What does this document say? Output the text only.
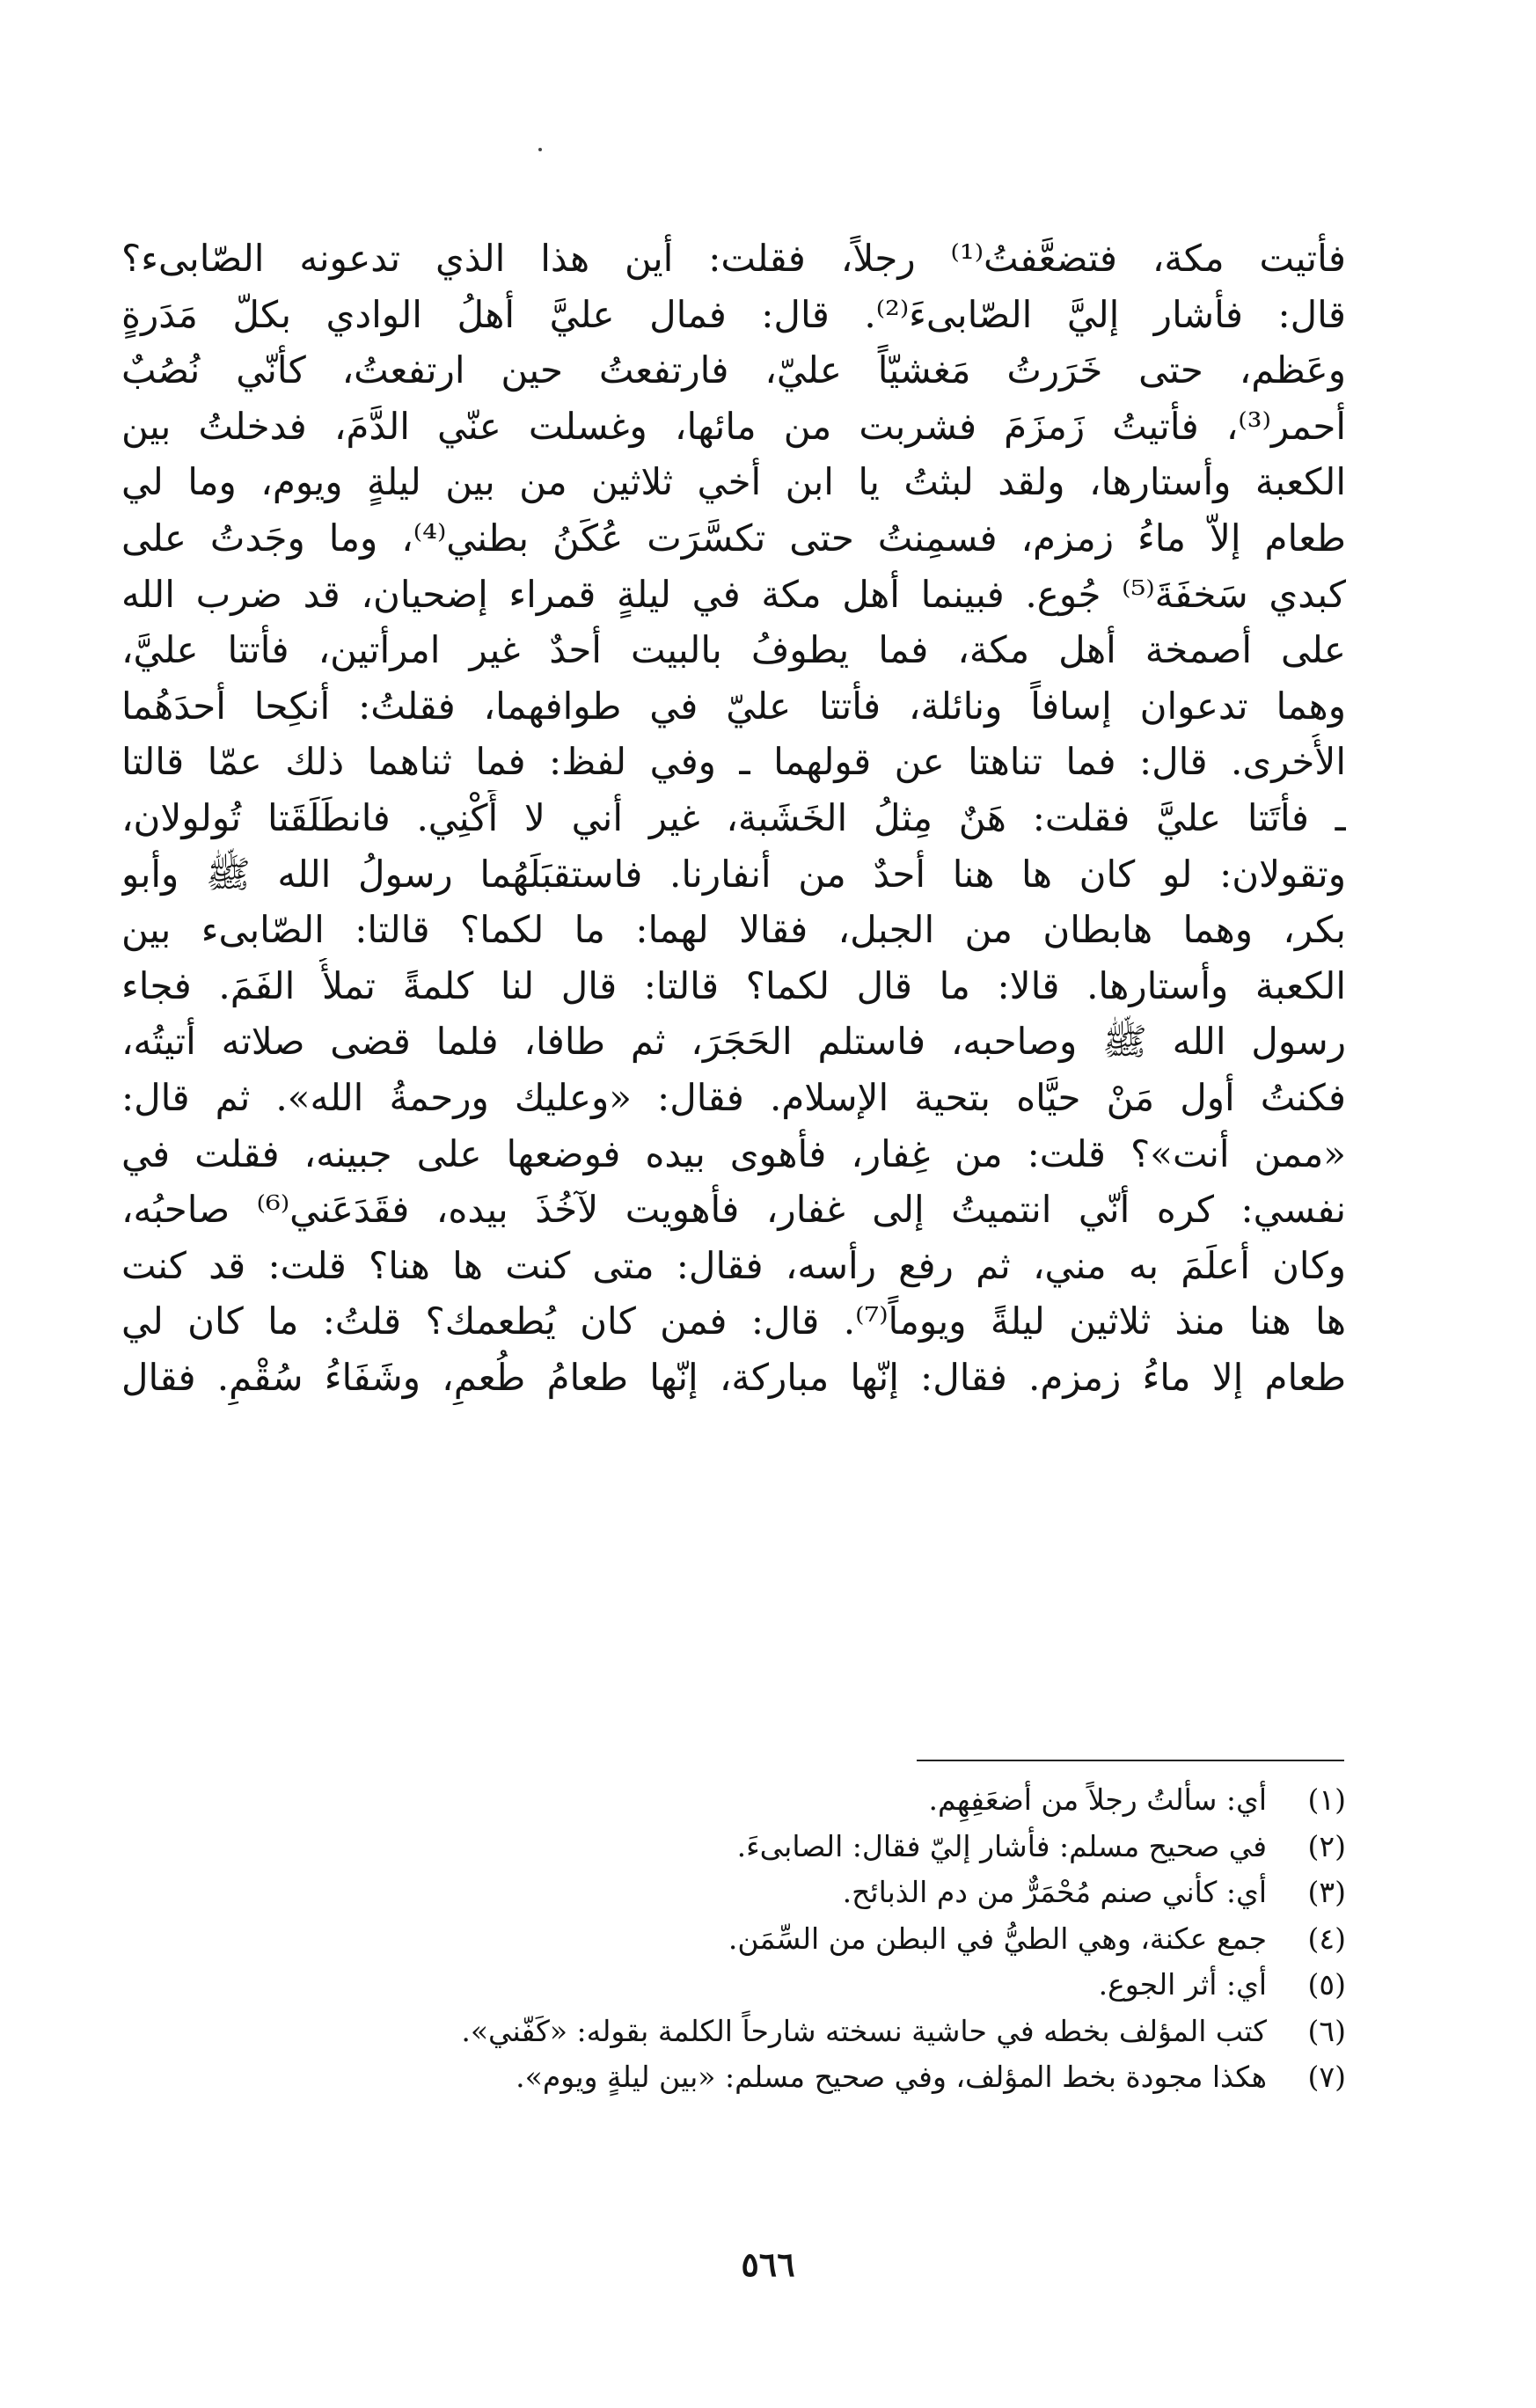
فأتيت مكة، فتضعَّفتُ⁽¹⁾ رجلاً، فقلت: أين هذا الذي تدعونه الصّابىء؟
قال: فأشار إليَّ الصّابىءَ⁽²⁾. قال: فمال عليَّ أهلُ الوادي بكلّ مَدَرةٍ
وعَظم، حتى خَرَرتُ مَغشيّاً عليّ، فارتفعتُ حين ارتفعتُ، كأنّي نُصُبٌ
أحمر⁽³⁾، فأتيتُ زَمزَمَ فشربت من مائها، وغسلت عنّي الدَّمَ، فدخلتُ بين
الكعبة وأستارها، ولقد لبثتُ يا ابن أخي ثلاثين من بين ليلةٍ ويوم، وما لي
طعام إلاّ ماءُ زمزم، فسمِنتُ حتى تكسَّرَت عُكَنُ بطني⁽⁴⁾، وما وجَدتُ على
كبدي سَخفَةَ⁽⁵⁾ جُوع. فبينما أهل مكة في ليلةٍ قمراء إضحيان، قد ضرب الله
على أصمخة أهل مكة، فما يطوفُ بالبيت أحدٌ غير امرأتين، فأتتا عليَّ،
وهما تدعوان إسافاً ونائلة، فأتتا عليّ في طوافهما، فقلتُ: أنكِحا أحدَهُما
الأُخرى. قال: فما تناهتا عن قولهما ـ وفي لفظ: فما ثناهما ذلك عمّا قالتا
ـ فأتَتا عليَّ فقلت: هَنٌ مِثلُ الخَشَبة، غير أني لا أَكْنِي. فانطَلَقَتا تُولولان،
وتقولان: لو كان ها هنا أحدٌ من أنفارنا. فاستقبَلَهُما رسولُ الله ﷺ وأبو
بكر، وهما هابطان من الجبل، فقالا لهما: ما لكما؟ قالتا: الصّابىء بين
الكعبة وأستارها. قالا: ما قال لكما؟ قالتا: قال لنا كلمةً تملأُ الفَمَ. فجاء
رسول الله ﷺ وصاحبه، فاستلم الحَجَرَ، ثم طافا، فلما قضى صلاته أتيتُه،
فكنتُ أول مَنْ حيَّاه بتحية الإسلام. فقال: «وعليك ورحمةُ الله». ثم قال:
«ممن أنت»؟ قلت: من غِفار، فأهوى بيده فوضعها على جبينه، فقلت في
نفسي: كره أنّي انتميتُ إلى غفار، فأهويت لآخُذَ بيده، فقَدَعَني⁽⁶⁾ صاحبُه،
وكان أعلَمَ به مني، ثم رفع رأسه، فقال: متى كنت ها هنا؟ قلت: قد كنت
ها هنا منذ ثلاثين ليلةً ويوماً⁽⁷⁾. قال: فمن كان يُطعمك؟ قلتُ: ما كان لي
طعام إلا ماءُ زمزم. فقال: إنّها مباركة، إنّها طعامُ طُعمٍ، وشَفَاءُ سُقْمٍ. فقال
(١)
أي: سألتُ رجلاً من أضعَفِهِم.
(٢)
في صحيح مسلم: فأشار إليّ فقال: الصابىءَ.
(٣)
أي: كأني صنم مُحْمَرٌّ من دم الذبائح.
(٤)
جمع عكنة، وهي الطيُّ في البطن من السِّمَن.
(٥)
أي: أثر الجوع.
(٦)
كتب المؤلف بخطه في حاشية نسخته شارحاً الكلمة بقوله: «كَفّني».
(٧)
هكذا مجودة بخط المؤلف، وفي صحيح مسلم: «بين ليلةٍ ويوم».
٥٦٦
